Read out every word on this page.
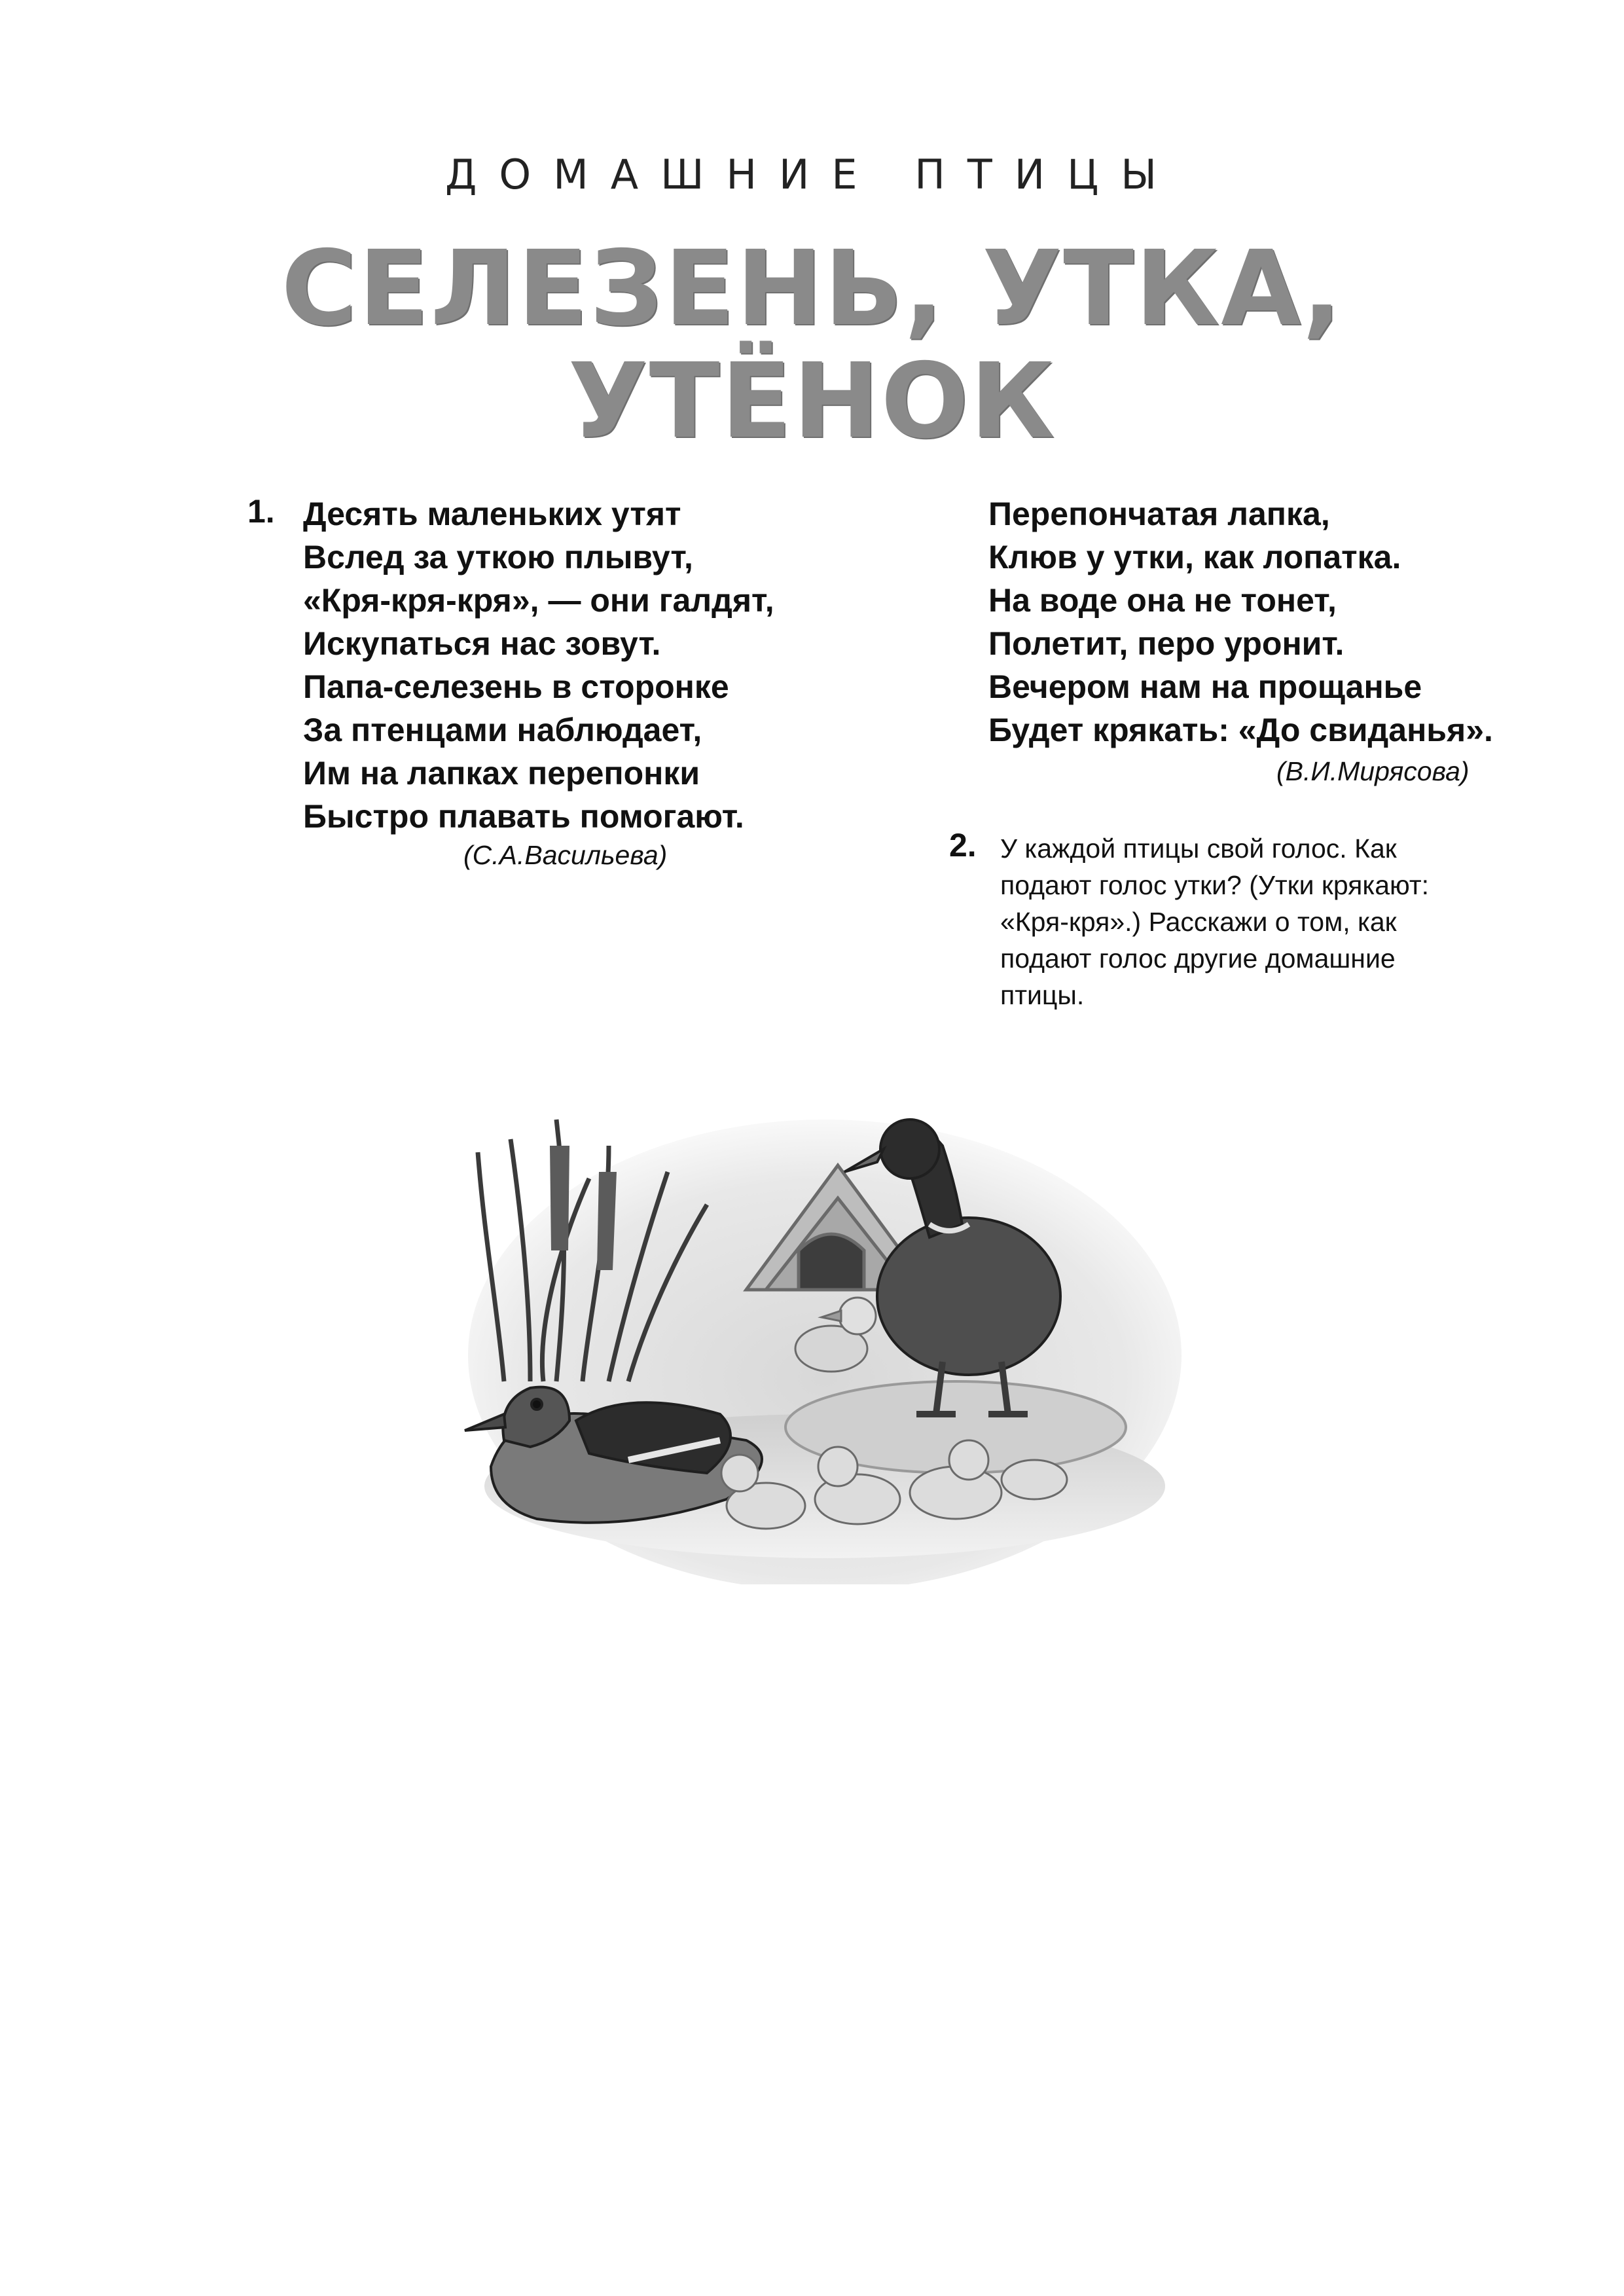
ДОМАШНИЕ ПТИЦЫ
СЕЛЕЗЕНЬ, УТКА,
УТЁНОК
1. Десять маленьких утят
Вслед за уткою плывут,
«Кря-кря-кря», — они галдят,
Искупаться нас зовут.
Папа-селезень в сторонке
За птенцами наблюдает,
Им на лапках перепонки
Быстро плавать помогают.
(С.А.Васильева)
Перепончатая лапка,
Клюв у утки, как лопатка.
На воде она не тонет,
Полетит, перо уронит.
Вечером нам на прощанье
Будет крякать: «До свиданья».
(В.И.Мирясова)
2. У каждой птицы свой голос. Как
подают голос утки? (Утки крякают:
«Кря-кря».) Расскажи о том, как
подают голос другие домашние
птицы.
